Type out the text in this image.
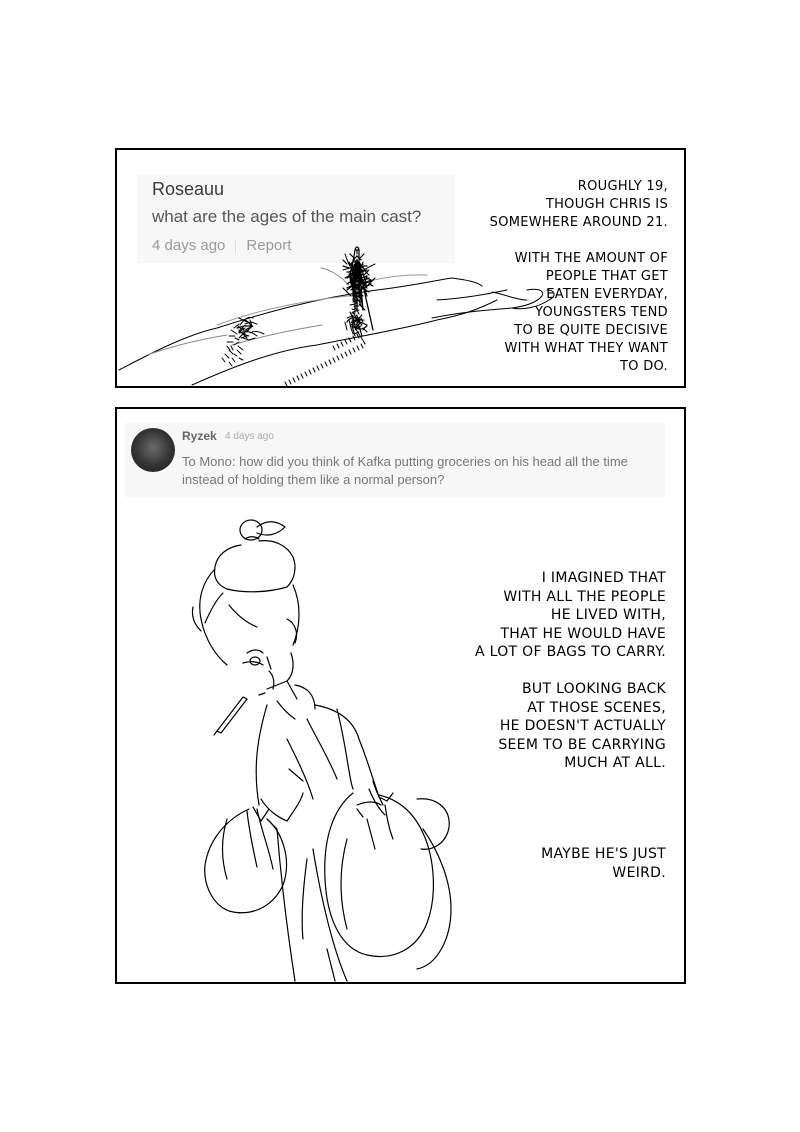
Roseauu
what are the ages of the main cast?
4 days ago Report

ROUGHLY 19,

THOUGH CHRIS IS

SOMEWHERE AROUND 21.

WITH THE AMOUNT OF

PEOPLE THAT GET

EATEN EVERYDAY,

YOUNGSTERS TEND

TO BE QUITE DECISIVE

WITH WHAT THEY WANT

TO DO.

Ryzek 4 days ago
To Mono: how did you think of Kafka putting groceries on his head all the time instead of holding them like a normal person?

I IMAGINED THAT

WITH ALL THE PEOPLE

HE LIVED WITH,

THAT HE WOULD HAVE

A LOT OF BAGS TO CARRY.

BUT LOOKING BACK

AT THOSE SCENES,

HE DOESN'T ACTUALLY

SEEM TO BE CARRYING

MUCH AT ALL.

MAYBE HE'S JUST

WEIRD.
